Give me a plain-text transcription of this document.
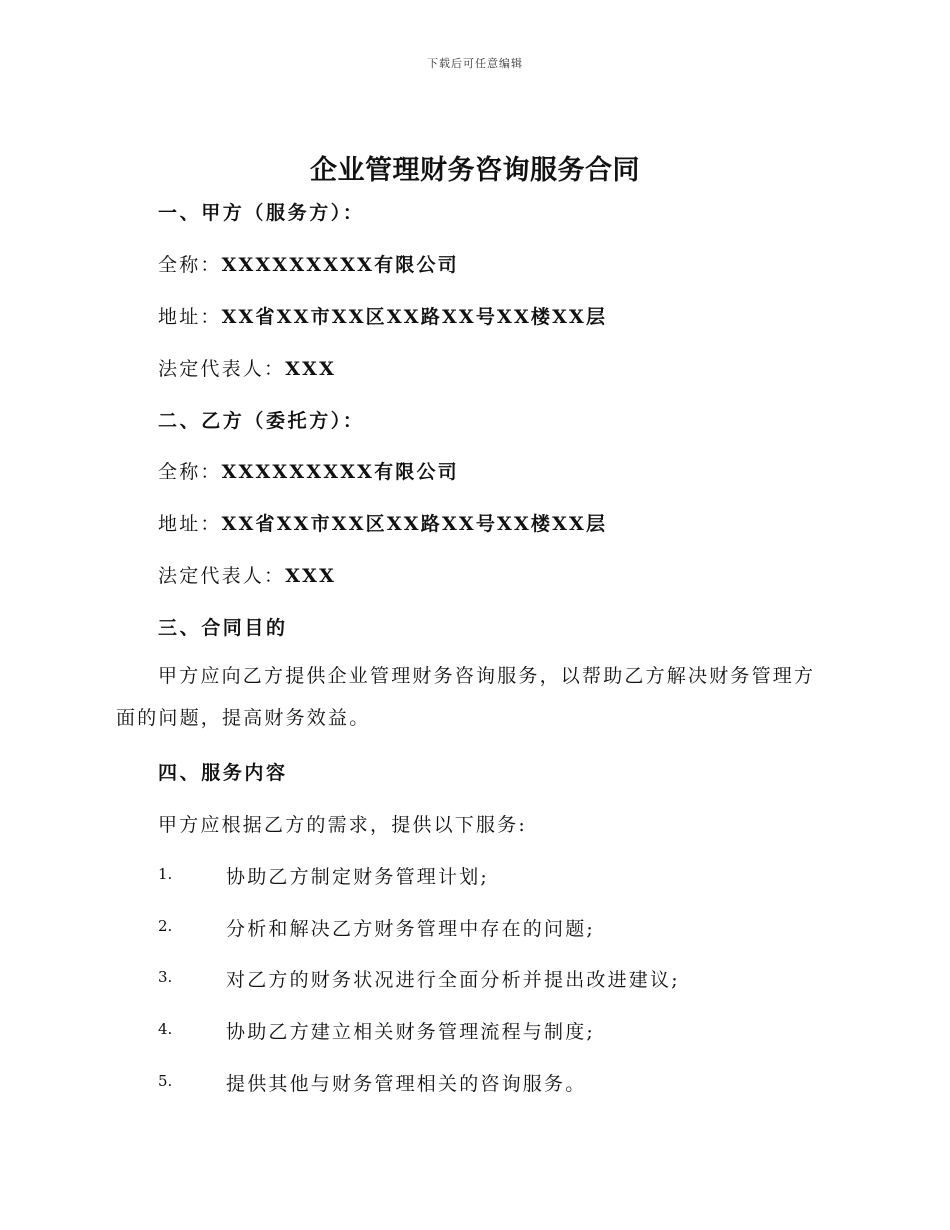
下载后可任意编辑
企业管理财务咨询服务合同
一、甲方（服务方）：
全称：XXXXXXXXX有限公司
地址：XX省XX市XX区XX路XX号XX楼XX层
法定代表人：XXX
二、乙方（委托方）：
全称：XXXXXXXXX有限公司
地址：XX省XX市XX区XX路XX号XX楼XX层
法定代表人：XXX
三、合同目的
甲方应向乙方提供企业管理财务咨询服务，以帮助乙方解决财务管理方面的问题，提高财务效益。
四、服务内容
甲方应根据乙方的需求，提供以下服务:
1.	协助乙方制定财务管理计划;
2.	分析和解决乙方财务管理中存在的问题;
3.	对乙方的财务状况进行全面分析并提出改进建议;
4.	协助乙方建立相关财务管理流程与制度;
5.	提供其他与财务管理相关的咨询服务。
